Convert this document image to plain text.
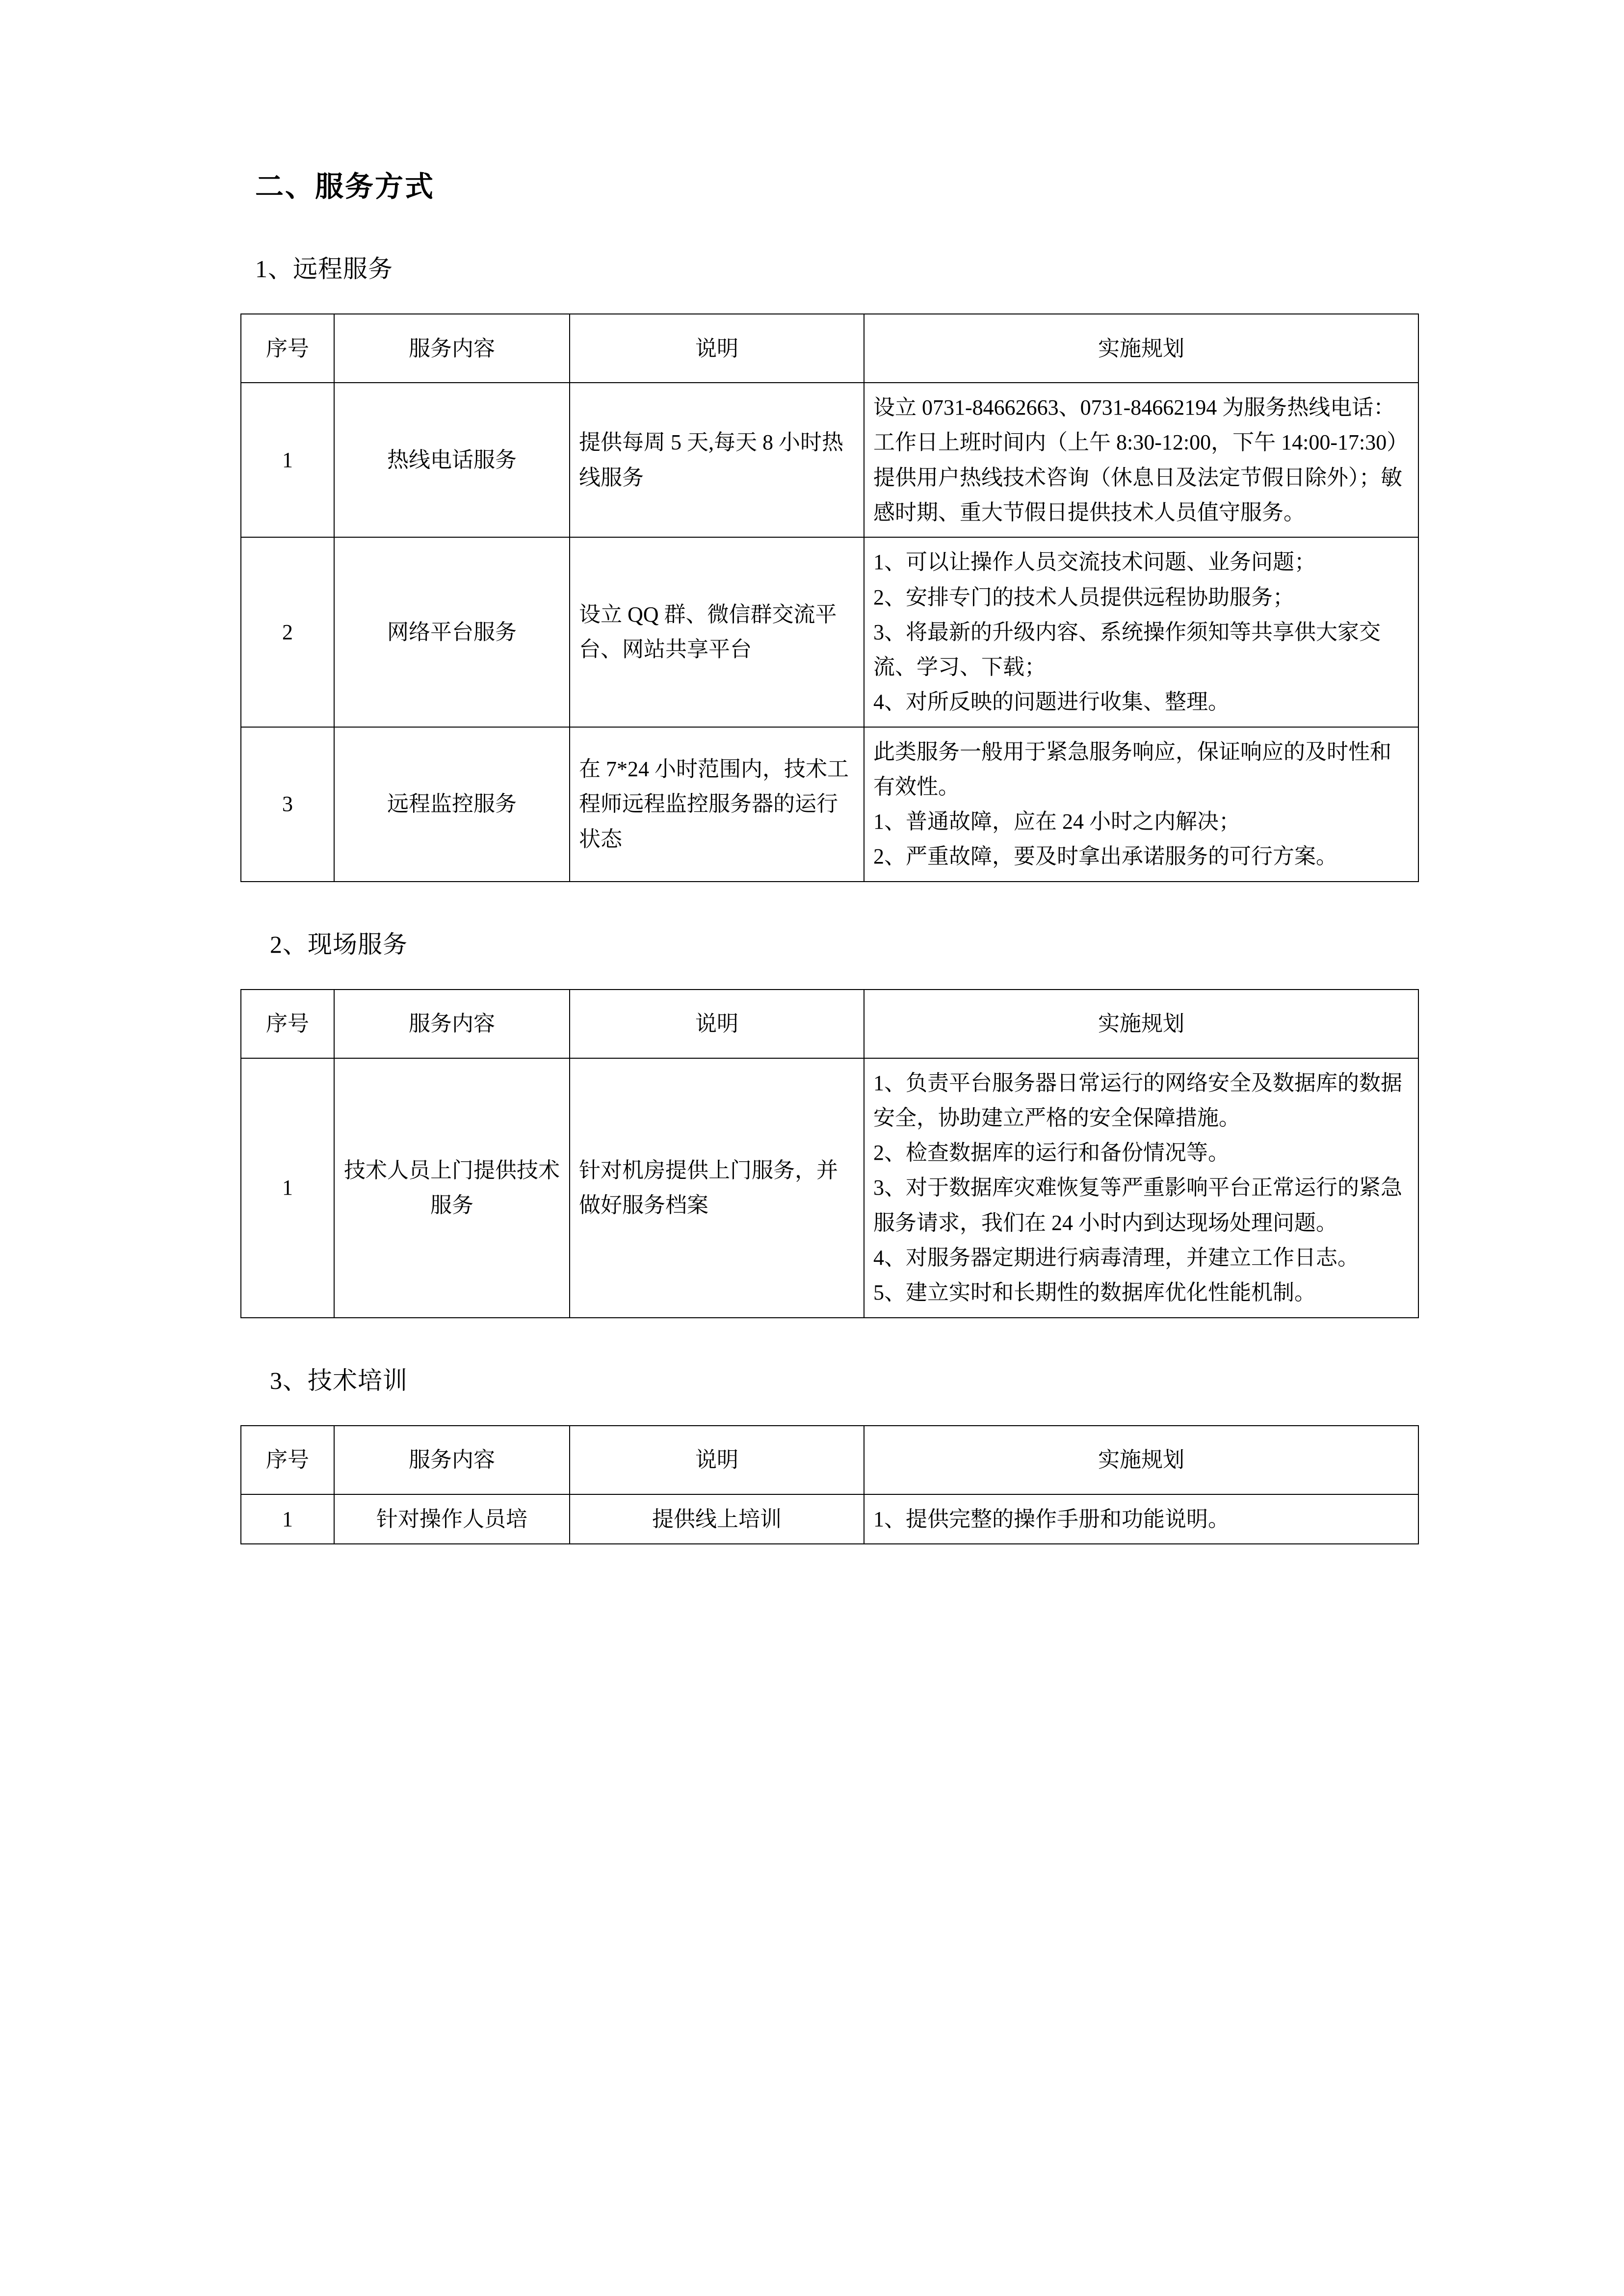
二、服务方式
1、远程服务
序号	服务内容	说明	实施规划
1	热线电话服务	提供每周 5 天,每天 8 小时热线服务	设立 0731-84662663、0731-84662194 为服务热线电话：工作日上班时间内（上午 8:30-12:00，下午 14:00-17:30）提供用户热线技术咨询（休息日及法定节假日除外）；敏感时期、重大节假日提供技术人员值守服务。
2	网络平台服务	设立 QQ 群、微信群交流平台、网站共享平台	1、可以让操作人员交流技术问题、业务问题；
2、安排专门的技术人员提供远程协助服务；
3、将最新的升级内容、系统操作须知等共享供大家交流、学习、下载；
4、对所反映的问题进行收集、整理。

3	远程监控服务	在 7*24 小时范围内，技术工程师远程监控服务器的运行状态	此类服务一般用于紧急服务响应，保证响应的及时性和有效性。
1、普通故障，应在 24 小时之内解决；
2、严重故障，要及时拿出承诺服务的可行方案。
2、现场服务
序号	服务内容	说明	实施规划
1	技术人员上门提供技术服务	针对机房提供上门服务，并做好服务档案	1、负责平台服务器日常运行的网络安全及数据库的数据安全，协助建立严格的安全保障措施。
2、检查数据库的运行和备份情况等。
3、对于数据库灾难恢复等严重影响平台正常运行的紧急服务请求，我们在 24 小时内到达现场处理问题。
4、对服务器定期进行病毒清理，并建立工作日志。
5、建立实时和长期性的数据库优化性能机制。
3、技术培训
序号	服务内容	说明	实施规划
1	针对操作人员培	提供线上培训	1、提供完整的操作手册和功能说明。
